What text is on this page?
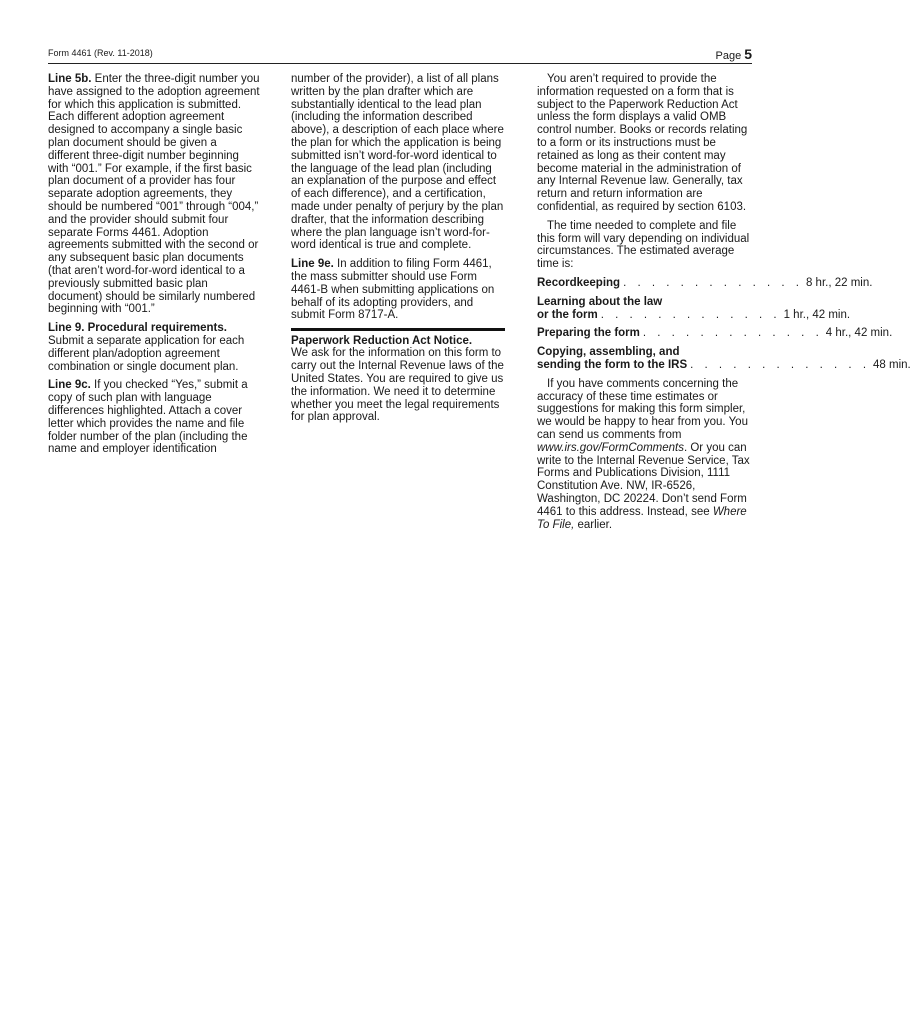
Form 4461 (Rev. 11-2018)	Page 5

Line 5b. Enter the three-digit number you have assigned to the adoption agreement for which this application is submitted. Each different adoption agreement designed to accompany a single basic plan document should be given a different three-digit number beginning with “001.” For example, if the first basic plan document of a provider has four separate adoption agreements, they should be numbered “001” through “004,” and the provider should submit four separate Forms 4461. Adoption agreements submitted with the second or any subsequent basic plan documents (that aren’t word-for-word identical to a previously submitted basic plan document) should be similarly numbered beginning with “001.”

Line 9. Procedural requirements. Submit a separate application for each different plan/adoption agreement combination or single document plan.

Line 9c. If you checked “Yes,” submit a copy of such plan with language differences highlighted. Attach a cover letter which provides the name and file folder number of the plan (including the name and employer identification

number of the provider), a list of all plans written by the plan drafter which are substantially identical to the lead plan (including the information described above), a description of each place where the plan for which the application is being submitted isn’t word-for-word identical to the language of the lead plan (including an explanation of the purpose and effect of each difference), and a certification, made under penalty of perjury by the plan drafter, that the information describing where the plan language isn’t word-for-word identical is true and complete.

Line 9e. In addition to filing Form 4461, the mass submitter should use Form 4461-B when submitting applications on behalf of its adopting providers, and submit Form 8717-A.

Paperwork Reduction Act Notice.

We ask for the information on this form to carry out the Internal Revenue laws of the United States. You are required to give us the information. We need it to determine whether you meet the legal requirements for plan approval.

You aren’t required to provide the information requested on a form that is subject to the Paperwork Reduction Act unless the form displays a valid OMB control number. Books or records relating to a form or its instructions must be retained as long as their content may become material in the administration of any Internal Revenue law. Generally, tax return and return information are confidential, as required by section 6103.

The time needed to complete and file this form will vary depending on individual circumstances. The estimated average time is:

Recordkeeping . . . . . . . . . . . . . 8 hr., 22 min.
Learning about the law
or the form . . . . . . . . . . . . . 1 hr., 42 min.
Preparing the form . . . . . . . . . . . . . 4 hr., 42 min.
Copying, assembling, and
sending the form to the IRS . . . . . . . . . . . . . 48 min.

If you have comments concerning the accuracy of these time estimates or suggestions for making this form simpler, we would be happy to hear from you. You can send us comments from www.irs.gov/FormComments. Or you can write to the Internal Revenue Service, Tax Forms and Publications Division, 1111 Constitution Ave. NW, IR-6526, Washington, DC 20224. Don’t send Form 4461 to this address. Instead, see Where To File, earlier.
